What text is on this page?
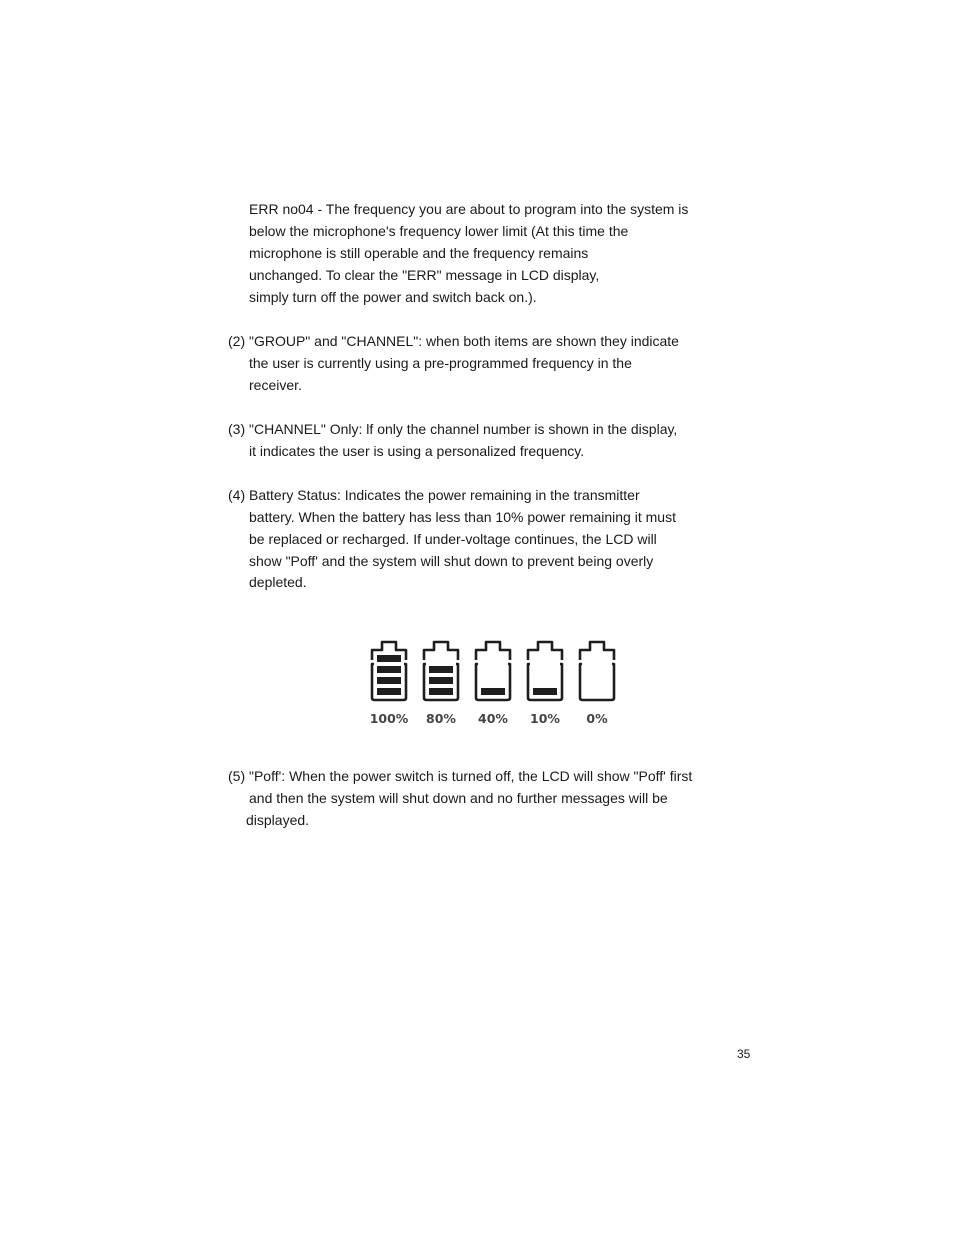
ERR no04 - The frequency you are about to program into the system is
below the microphone's frequency lower limit (At this time the
microphone is still operable and the frequency remains
unchanged. To clear the "ERR" message in LCD display,
simply turn off the power and switch back on.).
(2) "GROUP" and "CHANNEL": when both items are shown they indicate
the user is currently using a pre-programmed frequency in the
receiver.
(3) "CHANNEL" Only: lf only the channel number is shown in the display,
it indicates the user is using a personalized frequency.
(4) Battery Status: Indicates the power remaining in the transmitter
battery. When the battery has less than 10% power remaining it must
be replaced or recharged. If under-voltage continues, the LCD will
show "Poff' and the system will shut down to prevent being overly
depleted.
100% 80% 40% 10% 0%
(5) "Poff': When the power switch is turned off, the LCD will show "Poff' first
and then the system will shut down and no further messages will be
displayed.
35
